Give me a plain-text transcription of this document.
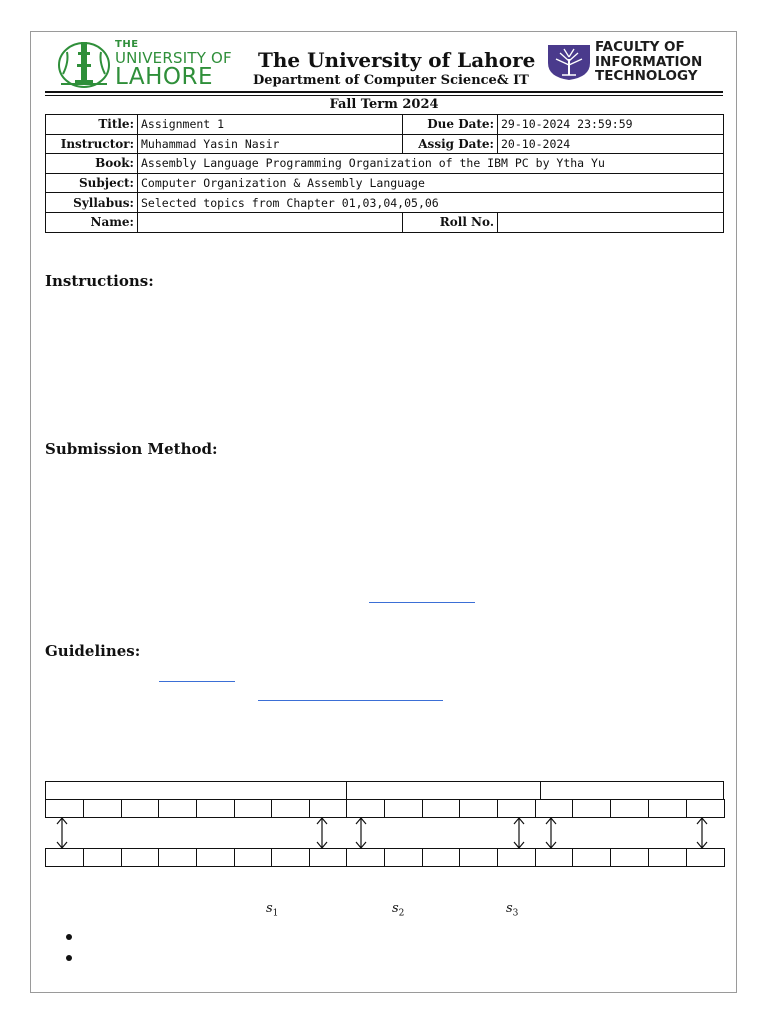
THE
UNIVERSITY OF
LAHORE
The University of Lahore
Department of Computer Science& IT
FACULTY OF
INFORMATION
TECHNOLOGY
Fall Term 2024
Title:	Assignment 1	Due Date:	29-10-2024 23:59:59
Instructor:	Muhammad Yasin Nasir	Assig Date:	20-10-2024
Book:	Assembly Language Programming Organization of the IBM PC by Ytha Yu		
Subject:	Computer Organization & Assembly Language		
Syllabus:	Selected topics from Chapter 01,03,04,05,06		
Name:		Roll No.	
Instructions:
Submission Method:
Guidelines:
$s_1$	$s_2$	$s_3$
